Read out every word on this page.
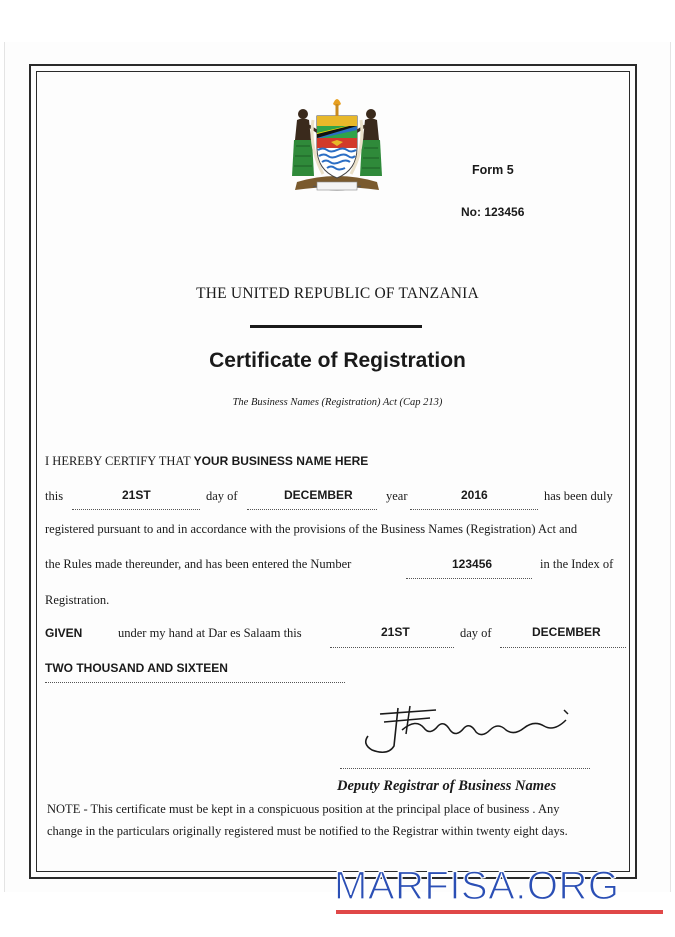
Form 5
No: 123456
THE UNITED REPUBLIC OF TANZANIA
Certificate of Registration
The Business Names (Registration) Act (Cap 213)
I HEREBY CERTIFY THAT YOUR BUSINESS NAME HERE
this	21ST	day of	DECEMBER	year	2016	has been duly
registered pursuant to and in accordance with the provisions of the Business Names (Registration) Act and
the Rules made thereunder, and has been entered the Number	123456	in the Index of
Registration.
GIVEN	under my hand at Dar es Salaam this	21ST	day of	DECEMBER
TWO THOUSAND AND SIXTEEN
Deputy Registrar of Business Names
NOTE - This certificate must be kept in a conspicuous position at the principal place of business . Any
change in the particulars originally registered must be notified to the Registrar within twenty eight days.
MARFISA.ORG
